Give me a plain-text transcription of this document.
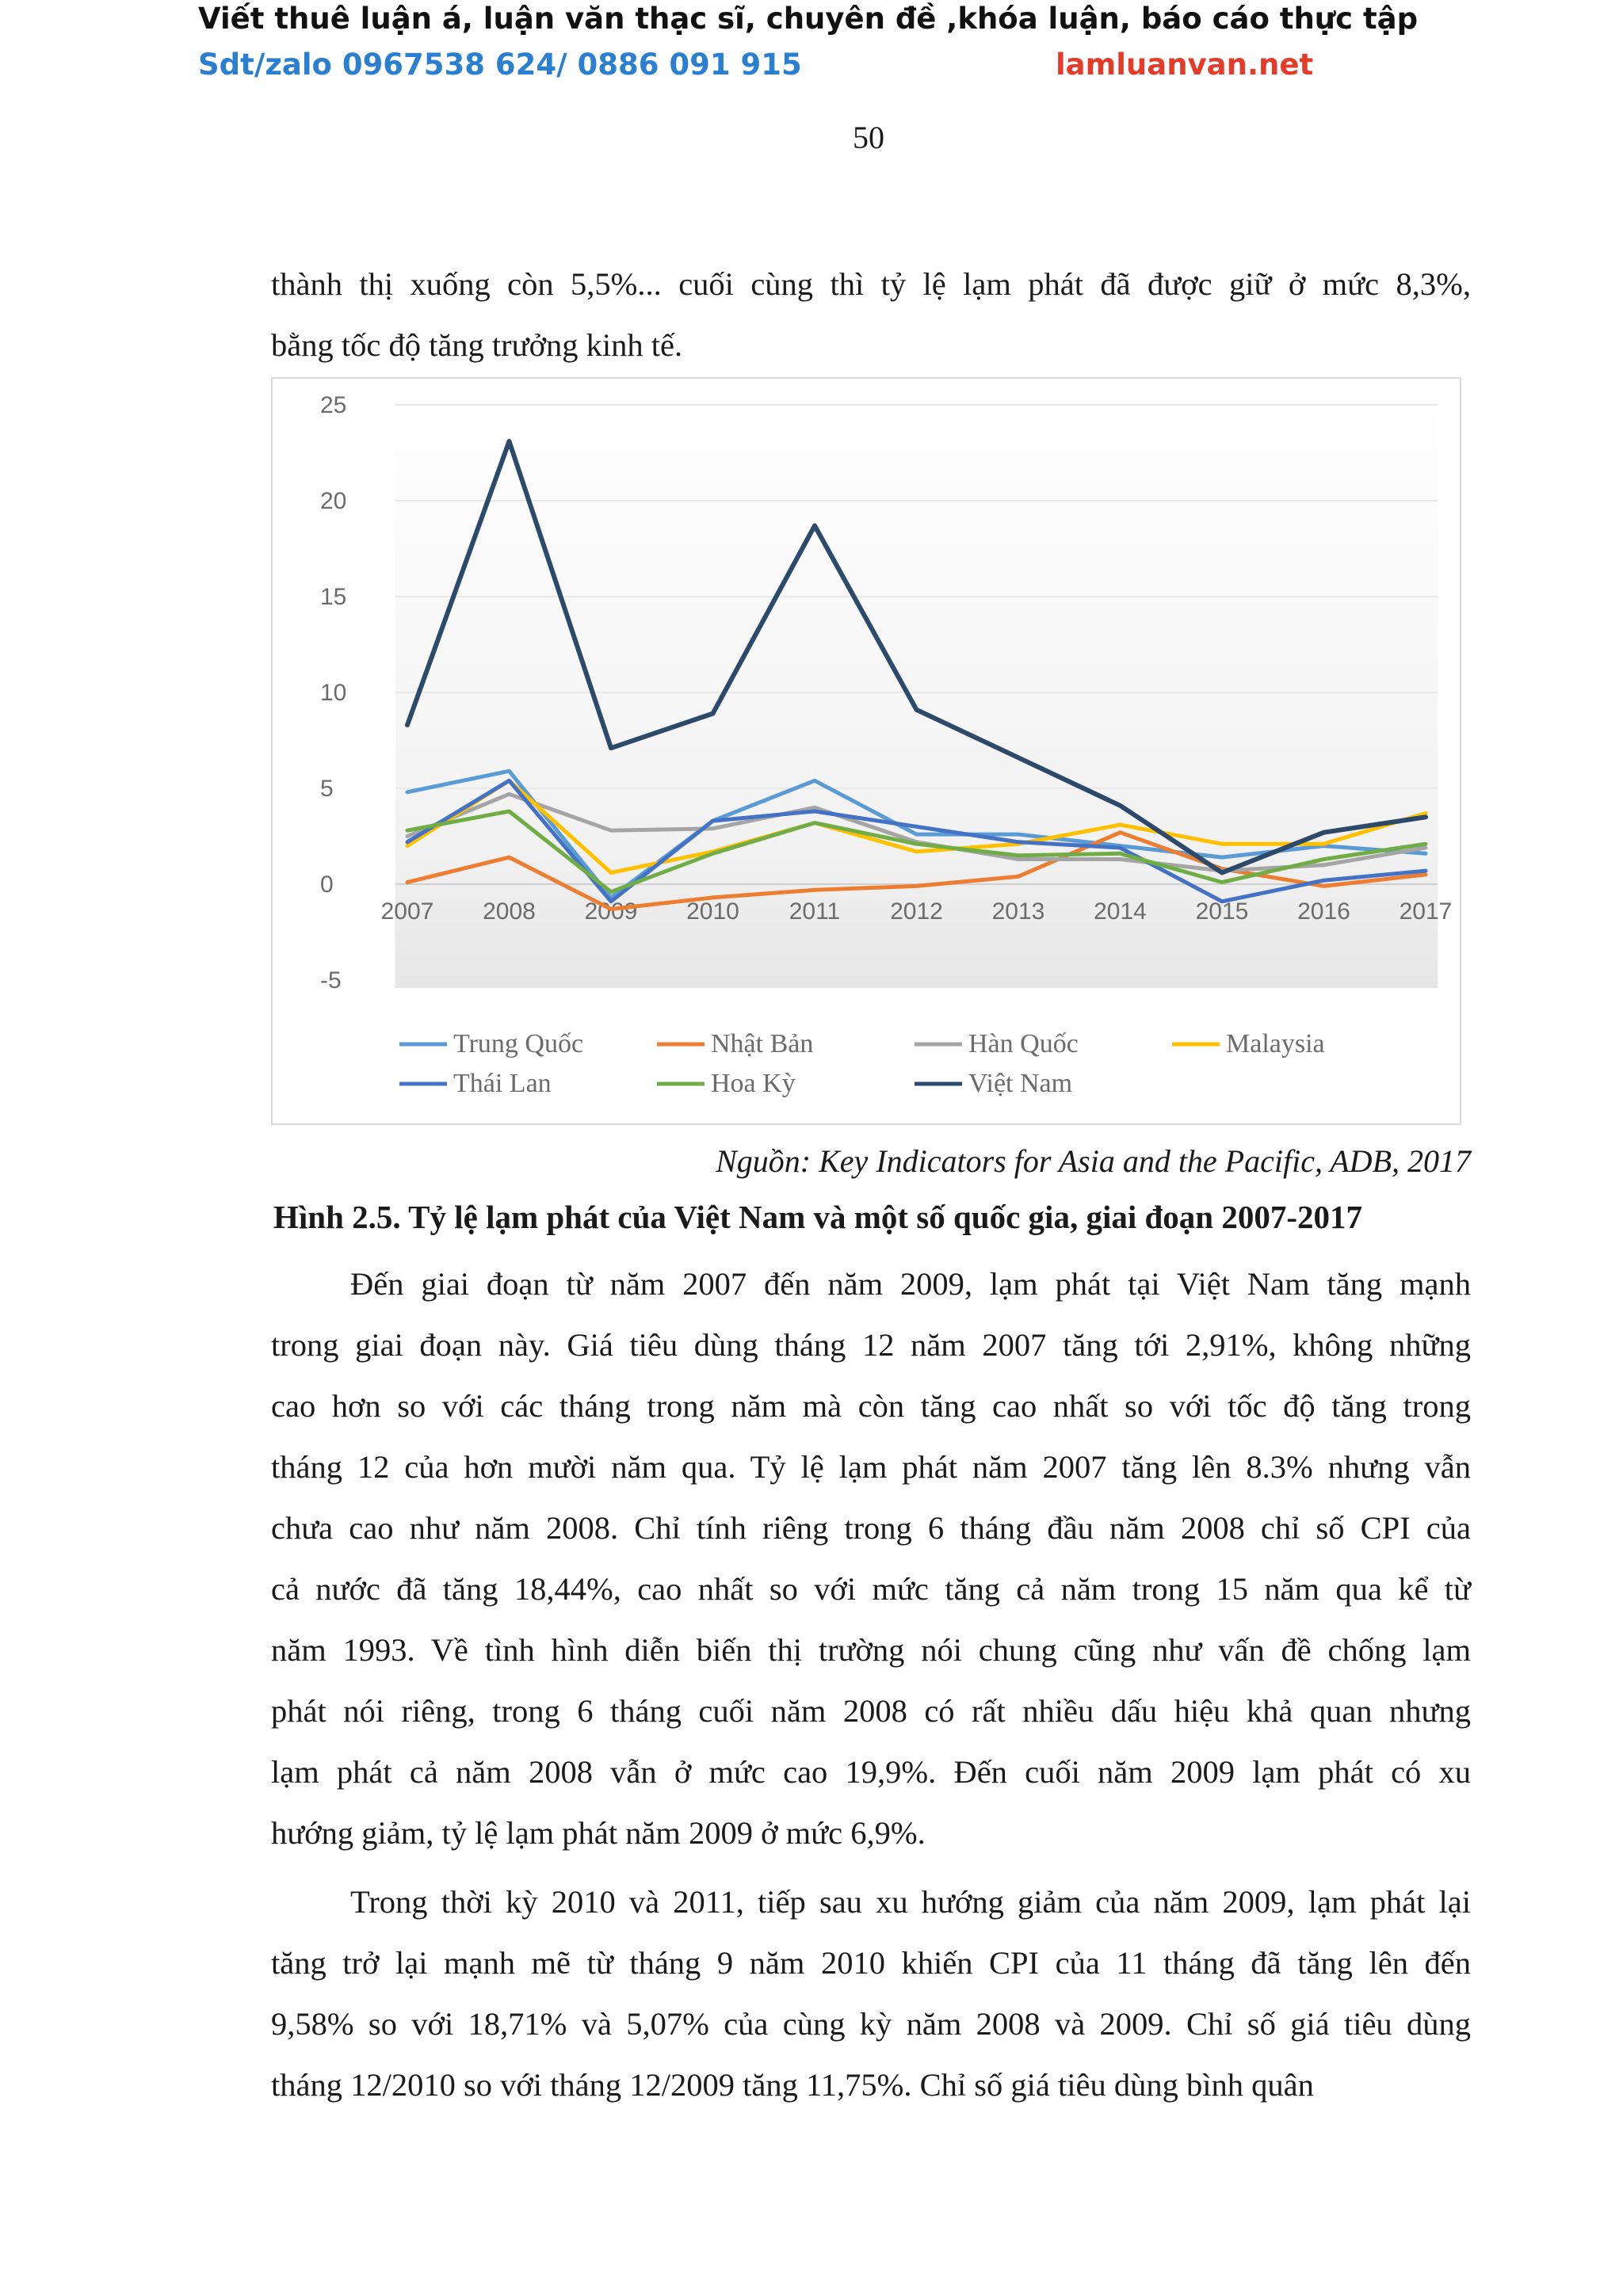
Viết thuê luận á, luận văn thạc sĩ, chuyên đề ,khóa luận, báo cáo thực tập
Sdt/zalo 0967538 624/ 0886 091 915	lamluanvan.net
50
thành thị xuống còn 5,5%... cuối cùng thì tỷ lệ lạm phát đã được giữ ở mức 8,3%,
bằng tốc độ tăng trưởng kinh tế.
-5
0
5
10
15
20
25
2007 2008 2009 2010 2011 2012 2013 2014 2015 2016 2017
Trung Quốc	Nhật Bản	Hàn Quốc	Malaysia
Thái Lan	Hoa Kỳ	Việt Nam
Nguồn: Key Indicators for Asia and the Pacific, ADB, 2017
Hình 2.5. Tỷ lệ lạm phát của Việt Nam và một số quốc gia, giai đoạn 2007-2017
Đến giai đoạn từ năm 2007 đến năm 2009, lạm phát tại Việt Nam tăng mạnh
trong giai đoạn này. Giá tiêu dùng tháng 12 năm 2007 tăng tới 2,91%, không những
cao hơn so với các tháng trong năm mà còn tăng cao nhất so với tốc độ tăng trong
tháng 12 của hơn mười năm qua. Tỷ lệ lạm phát năm 2007 tăng lên 8.3% nhưng vẫn
chưa cao như năm 2008. Chỉ tính riêng trong 6 tháng đầu năm 2008 chỉ số CPI của
cả nước đã tăng 18,44%, cao nhất so với mức tăng cả năm trong 15 năm qua kể từ
năm 1993. Về tình hình diễn biến thị trường nói chung cũng như vấn đề chống lạm
phát nói riêng, trong 6 tháng cuối năm 2008 có rất nhiều dấu hiệu khả quan nhưng
lạm phát cả năm 2008 vẫn ở mức cao 19,9%. Đến cuối năm 2009 lạm phát có xu
hướng giảm, tỷ lệ lạm phát năm 2009 ở mức 6,9%.
Trong thời kỳ 2010 và 2011, tiếp sau xu hướng giảm của năm 2009, lạm phát lại
tăng trở lại mạnh mẽ từ tháng 9 năm 2010 khiến CPI của 11 tháng đã tăng lên đến
9,58% so với 18,71% và 5,07% của cùng kỳ năm 2008 và 2009. Chỉ số giá tiêu dùng
tháng 12/2010 so với tháng 12/2009 tăng 11,75%. Chỉ số giá tiêu dùng bình quân
